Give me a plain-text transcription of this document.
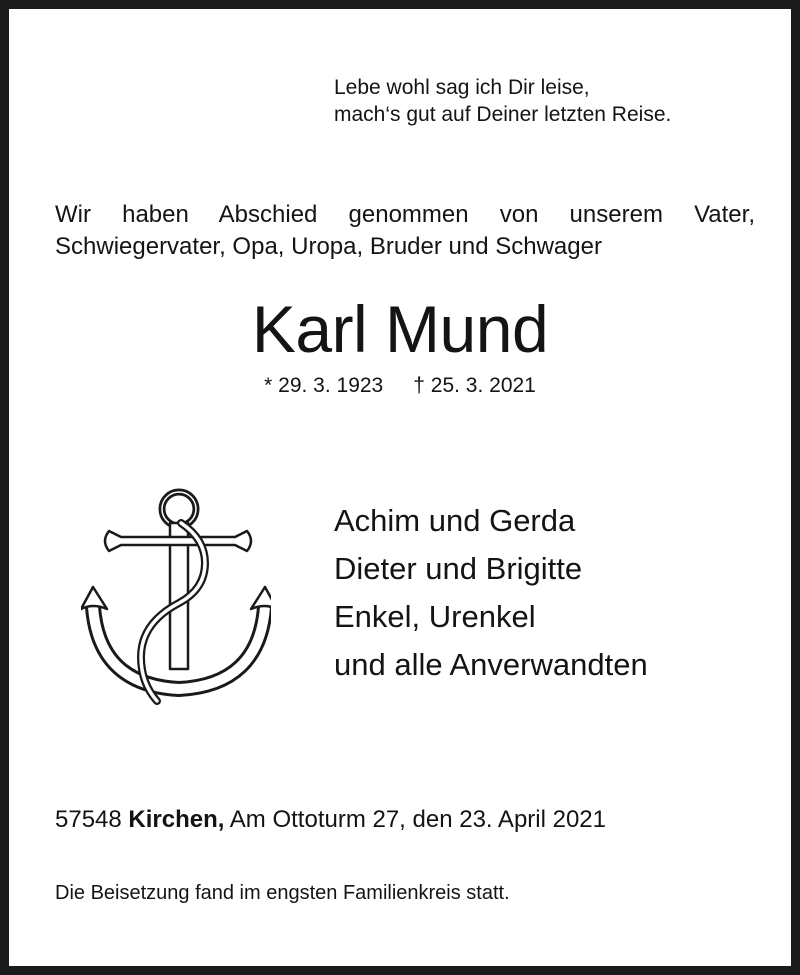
Lebe wohl sag ich Dir leise,
mach‘s gut auf Deiner letzten Reise.
Wir haben Abschied genommen von unserem Vater,
Schwiegervater, Opa, Uropa, Bruder und Schwager
Karl Mund
* 29. 3. 1923 † 25. 3. 2021
Achim und Gerda
Dieter und Brigitte
Enkel, Urenkel
und alle Anverwandten
57548 Kirchen, Am Ottoturm 27, den 23. April 2021
Die Beisetzung fand im engsten Familienkreis statt.
